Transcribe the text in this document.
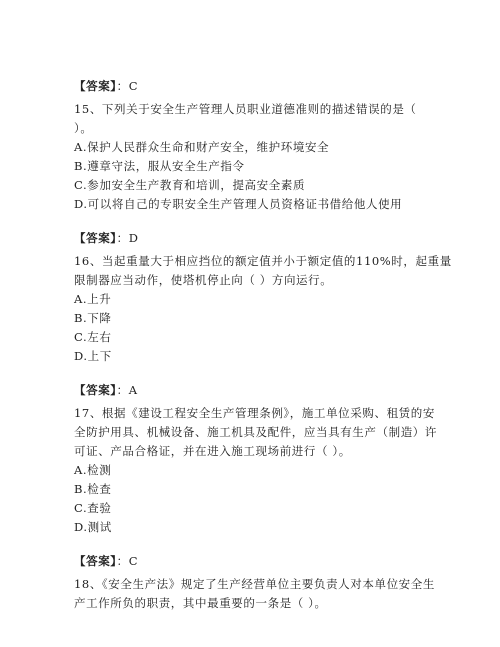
【答案】：C
15、下列关于安全生产管理人员职业道德准则的描述错误的是（
）。
A.保护人民群众生命和财产安全，维护环境安全
B.遵章守法，服从安全生产指令
C.参加安全生产教育和培训，提高安全素质
D.可以将自己的专职安全生产管理人员资格证书借给他人使用
【答案】：D
16、当起重量大于相应挡位的额定值并小于额定值的110%时，起重量
限制器应当动作，使塔机停止向（ ）方向运行。
A.上升
B.下降
C.左右
D.上下
【答案】：A
17、根据《建设工程安全生产管理条例》，施工单位采购、租赁的安
全防护用具、机械设备、施工机具及配件，应当具有生产（制造）许
可证、产品合格证，并在进入施工现场前进行（ ）。
A.检测
B.检查
C.查验
D.测试
【答案】：C
18、《安全生产法》规定了生产经营单位主要负责人对本单位安全生
产工作所负的职责，其中最重要的一条是（ ）。
